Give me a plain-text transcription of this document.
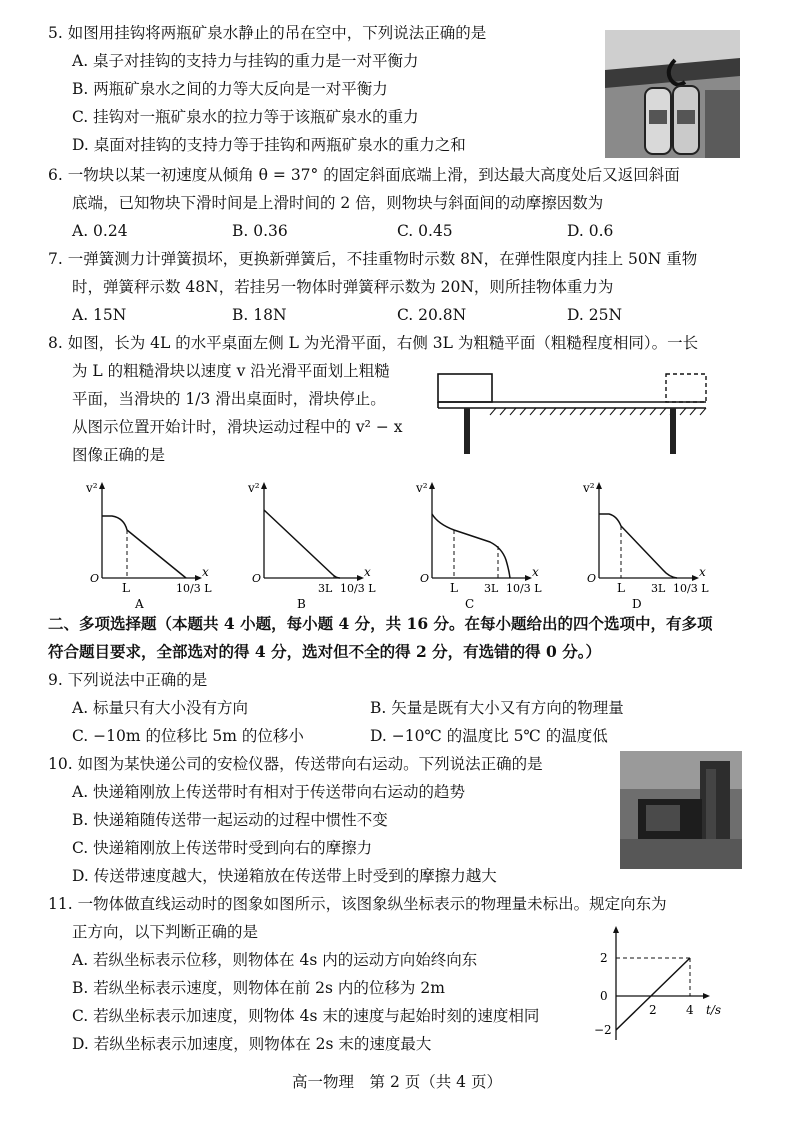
5. 如图用挂钩将两瓶矿泉水静止的吊在空中，下列说法正确的是
A. 桌子对挂钩的支持力与挂钩的重力是一对平衡力
B. 两瓶矿泉水之间的力等大反向是一对平衡力
C. 挂钩对一瓶矿泉水的拉力等于该瓶矿泉水的重力
D. 桌面对挂钩的支持力等于挂钩和两瓶矿泉水的重力之和
6. 一物块以某一初速度从倾角 θ = 37° 的固定斜面底端上滑，到达最大高度处后又返回斜面
底端，已知物块下滑时间是上滑时间的 2 倍，则物块与斜面间的动摩擦因数为
A. 0.24	B. 0.36	C. 0.45	D. 0.6
7. 一弹簧测力计弹簧损坏，更换新弹簧后，不挂重物时示数 8N，在弹性限度内挂上 50N 重物
时，弹簧秤示数 48N，若挂另一物体时弹簧秤示数为 20N，则所挂物体重力为
A. 15N	B. 18N	C. 20.8N	D. 25N
8. 如图，长为 4L 的水平桌面左侧 L 为光滑平面，右侧 3L 为粗糙平面（粗糙程度相同）。一长
为 L 的粗糙滑块以速度 v 沿光滑平面划上粗糙
平面，当滑块的 1/3 滑出桌面时，滑块停止。
从图示位置开始计时，滑块运动过程中的 v² − x
图像正确的是
v²
x
O
L	10/3 L
A
v²
x
O
3L 10/3 L
B
v²
x
O
L 3L 10/3 L
C
v²
x
O
L 3L 10/3 L
D
二、多项选择题（本题共 4 小题，每小题 4 分，共 16 分。在每小题给出的四个选项中，有多项
符合题目要求，全部选对的得 4 分，选对但不全的得 2 分，有选错的得 0 分。）
9. 下列说法中正确的是
A. 标量只有大小没有方向	B. 矢量是既有大小又有方向的物理量
C. −10m 的位移比 5m 的位移小	D. −10℃ 的温度比 5℃ 的温度低
10. 如图为某快递公司的安检仪器，传送带向右运动。下列说法正确的是
A. 快递箱刚放上传送带时有相对于传送带向右运动的趋势
B. 快递箱随传送带一起运动的过程中惯性不变
C. 快递箱刚放上传送带时受到向右的摩擦力
D. 传送带速度越大，快递箱放在传送带上时受到的摩擦力越大
11. 一物体做直线运动时的图象如图所示，该图象纵坐标表示的物理量未标出。规定向东为
正方向，以下判断正确的是
A. 若纵坐标表示位移，则物体在 4s 内的运动方向始终向东
B. 若纵坐标表示速度，则物体在前 2s 内的位移为 2m
C. 若纵坐标表示加速度，则物体 4s 末的速度与起始时刻的速度相同
D. 若纵坐标表示加速度，则物体在 2s 末的速度最大
2
0
−2
2 4 t/s
高一物理　第 2 页（共 4 页）
